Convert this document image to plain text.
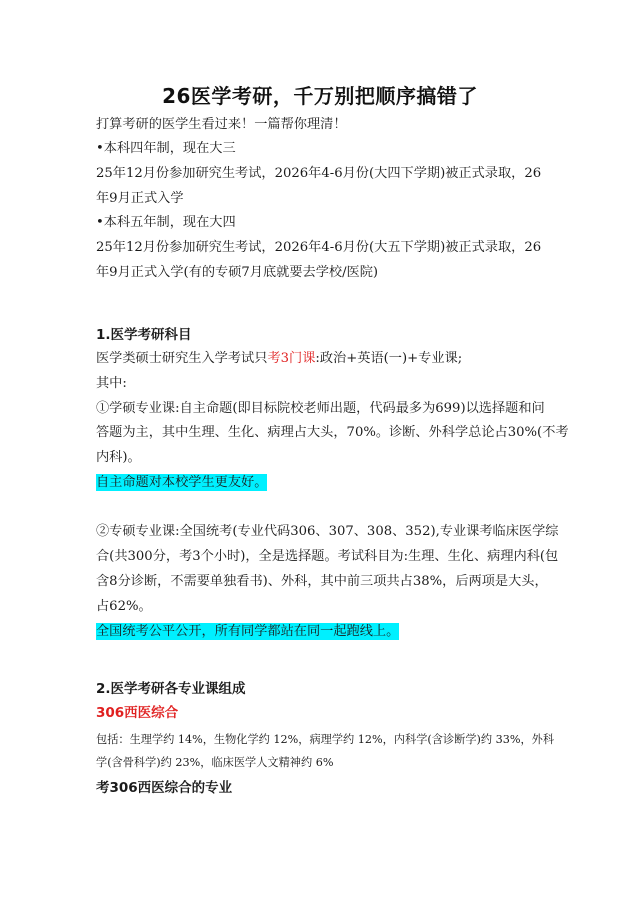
26医学考研，千万别把顺序搞错了
打算考研的医学生看过来！一篇帮你理清！
•本科四年制，现在大三
25年12月份参加研究生考试，2026年4-6月份(大四下学期)被正式录取，26
年9月正式入学
•本科五年制，现在大四
25年12月份参加研究生考试，2026年4-6月份(大五下学期)被正式录取，26
年9月正式入学(有的专硕7月底就要去学校/医院)
1.医学考研科目
医学类硕士研究生入学考试只考3门课:政治+英语(一)+专业课;
其中:
①学硕专业课:自主命题(即目标院校老师出题，代码最多为699)以选择题和问
答题为主，其中生理、生化、病理占大头，70%。诊断、外科学总论占30%(不考
内科)。
自主命题对本校学生更友好。
②专硕专业课:全国统考(专业代码306、307、308、352),专业课考临床医学综
合(共300分，考3个小时)，全是选择题。考试科目为:生理、生化、病理内科(包
含8分诊断，不需要单独看书)、外科，其中前三项共占38%，后两项是大头，
占62%。
全国统考公平公开，所有同学都站在同一起跑线上。
2.医学考研各专业课组成
306西医综合
包括：生理学约 14%，生物化学约 12%，病理学约 12%，内科学(含诊断学)约 33%，外科
学(含骨科学)约 23%，临床医学人文精神约 6%
考306西医综合的专业
